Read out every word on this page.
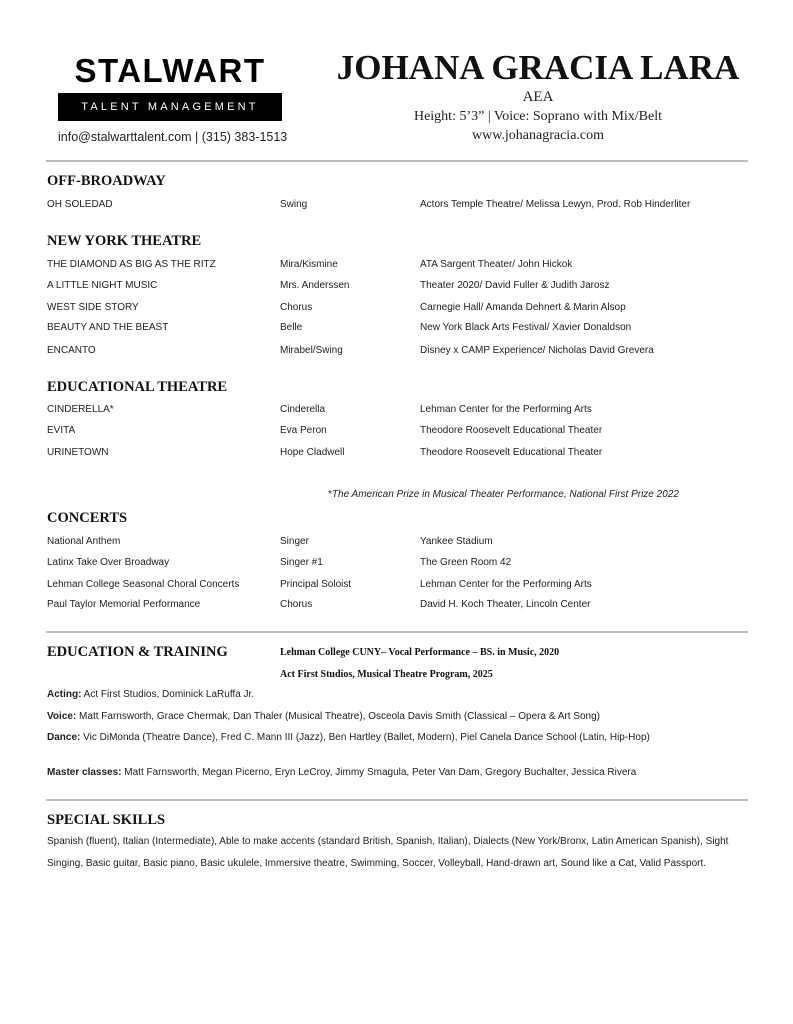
STALWART
TALENT MANAGEMENT
info@stalwarttalent.com | (315) 383-1513
JOHANA GRACIA LARA
AEA
Height: 5’3” | Voice: Soprano with Mix/Belt
www.johanagracia.com
OFF-BROADWAY
OH SOLEDAD	Swing	Actors Temple Theatre/ Melissa Lewyn, Prod. Rob Hinderliter
NEW YORK THEATRE
THE DIAMOND AS BIG AS THE RITZ	Mira/Kismine	ATA Sargent Theater/ John Hickok
A LITTLE NIGHT MUSIC	Mrs. Anderssen	Theater 2020/ David Fuller & Judith Jarosz
WEST SIDE STORY	Chorus	Carnegie Hall/ Amanda Dehnert & Marin Alsop
BEAUTY AND THE BEAST	Belle	New York Black Arts Festival/ Xavier Donaldson
ENCANTO	Mirabel/Swing	Disney x CAMP Experience/ Nicholas David Grevera
EDUCATIONAL THEATRE
CINDERELLA*	Cinderella	Lehman Center for the Performing Arts
EVITA	Eva Peron	Theodore Roosevelt Educational Theater
URINETOWN	Hope Cladwell	Theodore Roosevelt Educational Theater
*The American Prize in Musical Theater Performance, National First Prize 2022
CONCERTS
National Anthem	Singer	Yankee Stadium
Latinx Take Over Broadway	Singer #1	The Green Room 42
Lehman College Seasonal Choral Concerts	Principal Soloist	Lehman Center for the Performing Arts
Paul Taylor Memorial Performance	Chorus	David H. Koch Theater, Lincoln Center
EDUCATION & TRAINING	Lehman College CUNY– Vocal Performance – BS. in Music, 2020
Act First Studios, Musical Theatre Program, 2025
Acting: Act First Studios, Dominick LaRuffa Jr.
Voice: Matt Farnsworth, Grace Chermak, Dan Thaler (Musical Theatre), Osceola Davis Smith (Classical – Opera & Art Song)
Dance: Vic DiMonda (Theatre Dance), Fred C. Mann III (Jazz), Ben Hartley (Ballet, Modern), Piel Canela Dance School (Latin, Hip-Hop)
Master classes: Matt Farnsworth, Megan Picerno, Eryn LeCroy, Jimmy Smagula, Peter Van Dam, Gregory Buchalter, Jessica Rivera
SPECIAL SKILLS
Spanish (fluent), Italian (Intermediate), Able to make accents (standard British, Spanish, Italian), Dialects (New York/Bronx, Latin American Spanish), Sight Singing, Basic guitar, Basic piano, Basic ukulele, Immersive theatre, Swimming, Soccer, Volleyball, Hand-drawn art, Sound like a Cat, Valid Passport.
